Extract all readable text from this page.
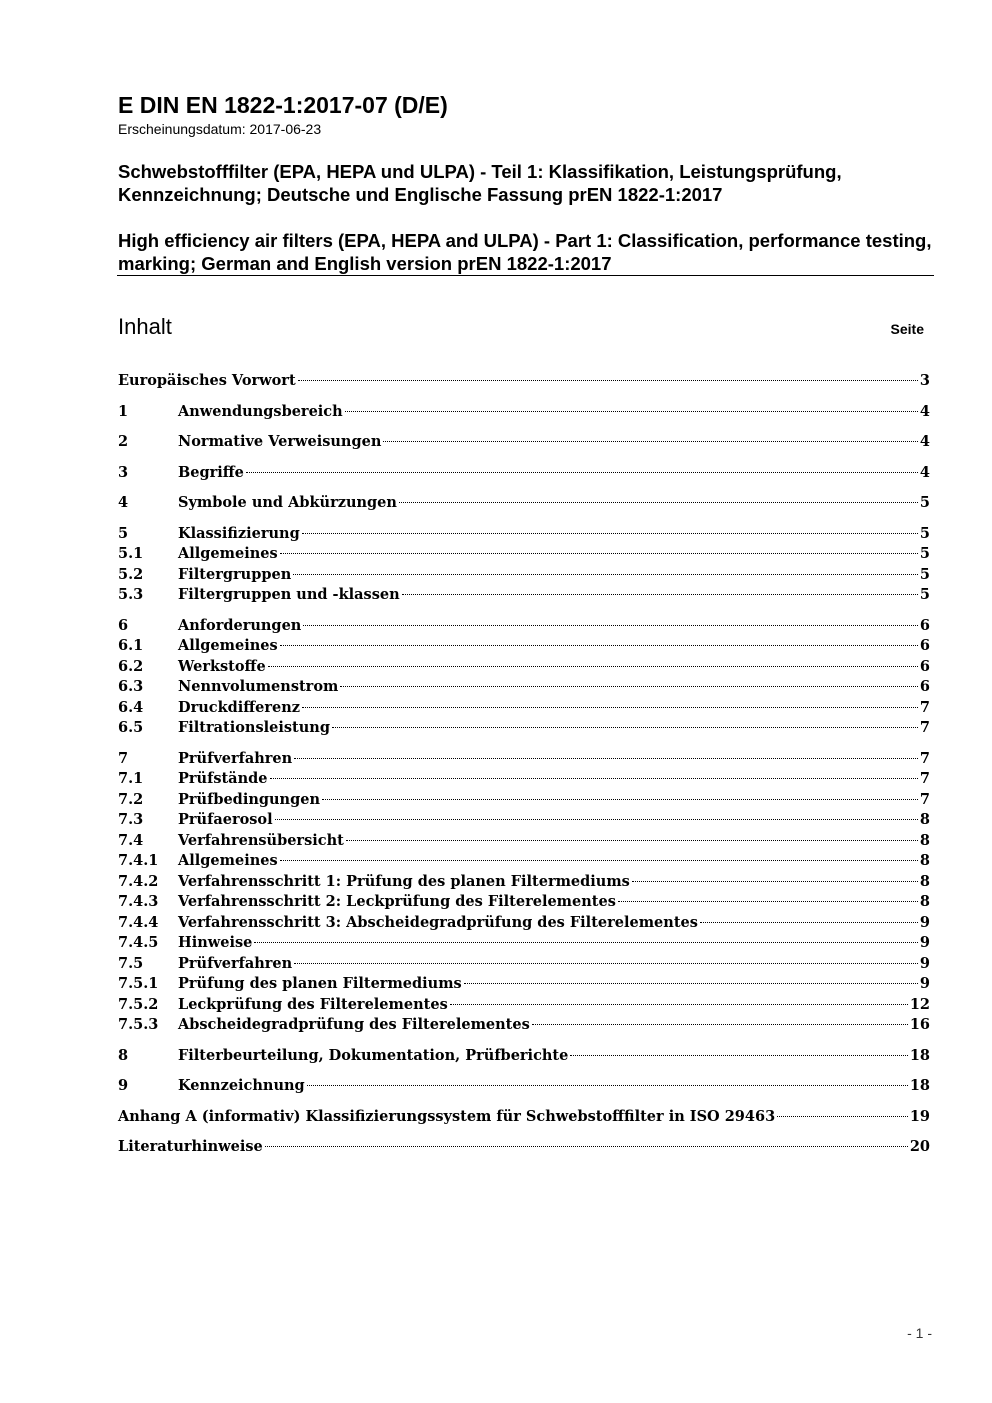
E DIN EN 1822-1:2017-07 (D/E)
Erscheinungsdatum: 2017-06-23
Schwebstofffilter (EPA, HEPA und ULPA) - Teil 1: Klassifikation, Leistungsprüfung, Kennzeichnung; Deutsche und Englische Fassung prEN 1822-1:2017
High efficiency air filters (EPA, HEPA and ULPA) - Part 1: Classification, performance testing, marking; German and English version prEN 1822-1:2017
Inhalt	Seite
Europäisches Vorwort	3
1	Anwendungsbereich	4
2	Normative Verweisungen	4
3	Begriffe	4
4	Symbole und Abkürzungen	5
5	Klassifizierung	5
5.1	Allgemeines	5
5.2	Filtergruppen	5
5.3	Filtergruppen und -klassen	5
6	Anforderungen	6
6.1	Allgemeines	6
6.2	Werkstoffe	6
6.3	Nennvolumenstrom	6
6.4	Druckdifferenz	7
6.5	Filtrationsleistung	7
7	Prüfverfahren	7
7.1	Prüfstände	7
7.2	Prüfbedingungen	7
7.3	Prüfaerosol	8
7.4	Verfahrensübersicht	8
7.4.1	Allgemeines	8
7.4.2	Verfahrensschritt 1: Prüfung des planen Filtermediums	8
7.4.3	Verfahrensschritt 2: Leckprüfung des Filterelementes	8
7.4.4	Verfahrensschritt 3: Abscheidegradprüfung des Filterelementes	9
7.4.5	Hinweise	9
7.5	Prüfverfahren	9
7.5.1	Prüfung des planen Filtermediums	9
7.5.2	Leckprüfung des Filterelementes	12
7.5.3	Abscheidegradprüfung des Filterelementes	16
8	Filterbeurteilung, Dokumentation, Prüfberichte	18
9	Kennzeichnung	18
Anhang A (informativ) Klassifizierungssystem für Schwebstofffilter in ISO 29463	19
Literaturhinweise	20
- 1 -
